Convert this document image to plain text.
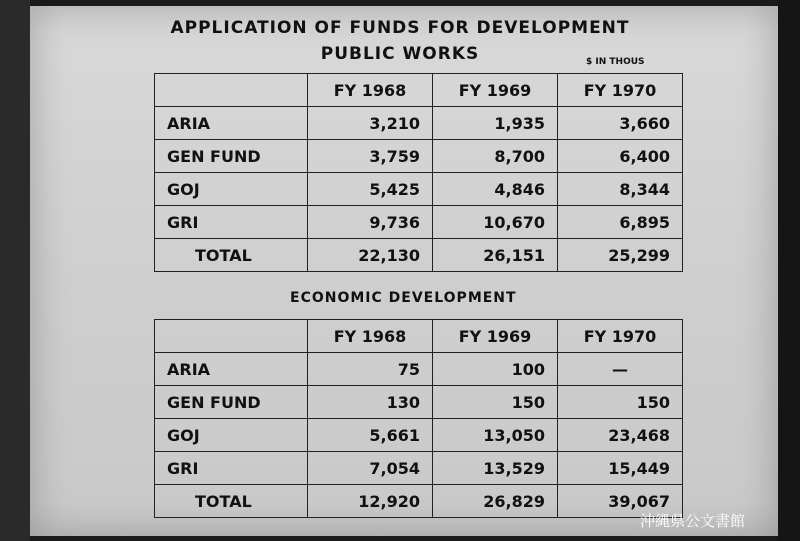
APPLICATION OF FUNDS FOR DEVELOPMENT
PUBLIC WORKS	$ IN THOUS
	FY 1968	FY 1969	FY 1970
ARIA	3,210	1,935	3,660
GEN FUND	3,759	8,700	6,400
GOJ	5,425	4,846	8,344
GRI	9,736	10,670	6,895
TOTAL	22,130	26,151	25,299
ECONOMIC DEVELOPMENT
	FY 1968	FY 1969	FY 1970
ARIA	75	100	—
GEN FUND	130	150	150
GOJ	5,661	13,050	23,468
GRI	7,054	13,529	15,449
TOTAL	12,920	26,829	39,067
沖縄県公文書館
